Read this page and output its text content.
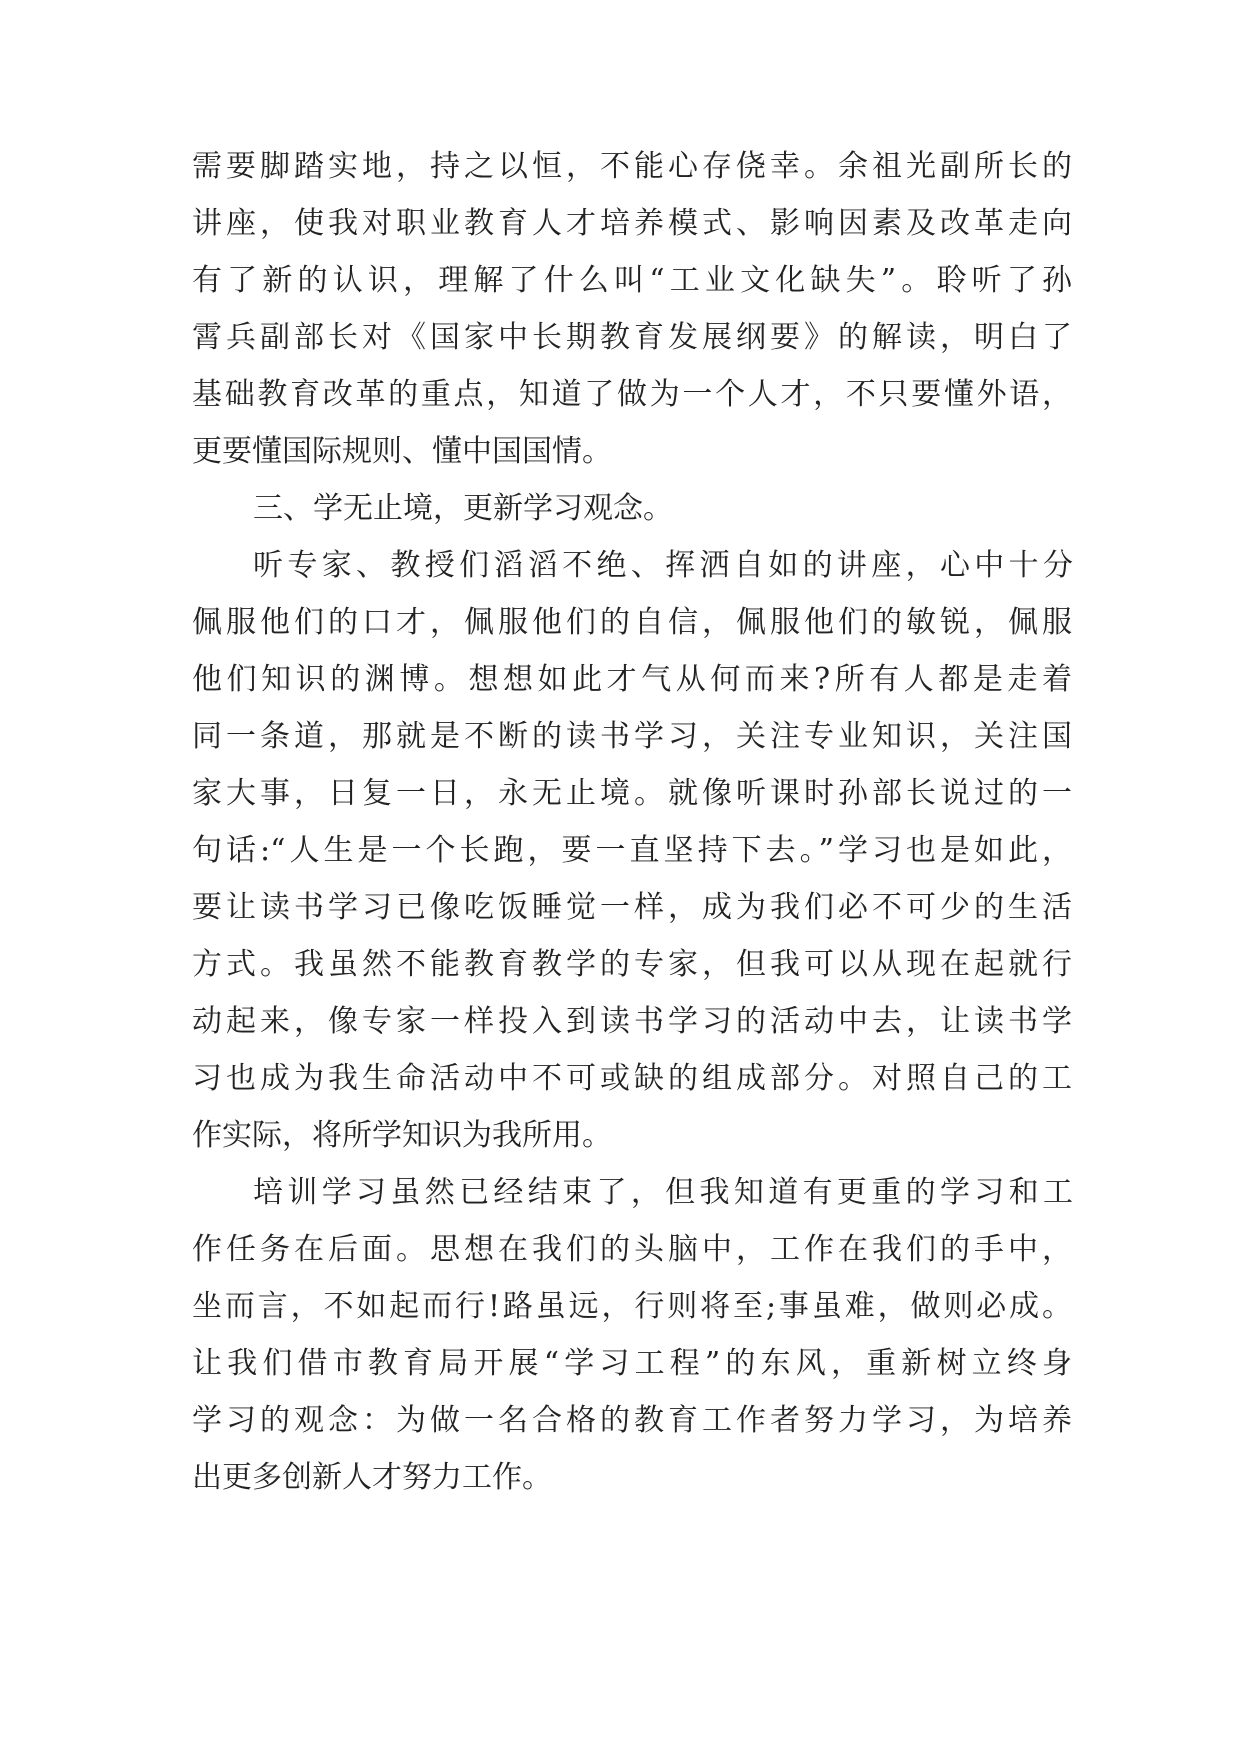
需要脚踏实地，持之以恒，不能心存侥幸。余祖光副所长的

讲座，使我对职业教育人才培养模式、影响因素及改革走向

有了新的认识，理解了什么叫“工业文化缺失”。聆听了孙

霄兵副部长对《国家中长期教育发展纲要》的解读，明白了

基础教育改革的重点，知道了做为一个人才，不只要懂外语，

更要懂国际规则、懂中国国情。

三、学无止境，更新学习观念。

听专家、教授们滔滔不绝、挥洒自如的讲座，心中十分

佩服他们的口才，佩服他们的自信，佩服他们的敏锐，佩服

他们知识的渊博。想想如此才气从何而来?所有人都是走着

同一条道，那就是不断的读书学习，关注专业知识，关注国

家大事，日复一日，永无止境。就像听课时孙部长说过的一

句话:“人生是一个长跑，要一直坚持下去。”学习也是如此，

要让读书学习已像吃饭睡觉一样，成为我们必不可少的生活

方式。我虽然不能教育教学的专家，但我可以从现在起就行

动起来，像专家一样投入到读书学习的活动中去，让读书学

习也成为我生命活动中不可或缺的组成部分。对照自己的工

作实际，将所学知识为我所用。

培训学习虽然已经结束了，但我知道有更重的学习和工

作任务在后面。思想在我们的头脑中，工作在我们的手中，

坐而言，不如起而行!路虽远，行则将至;事虽难，做则必成。

让我们借市教育局开展“学习工程”的东风，重新树立终身

学习的观念：为做一名合格的教育工作者努力学习，为培养

出更多创新人才努力工作。
